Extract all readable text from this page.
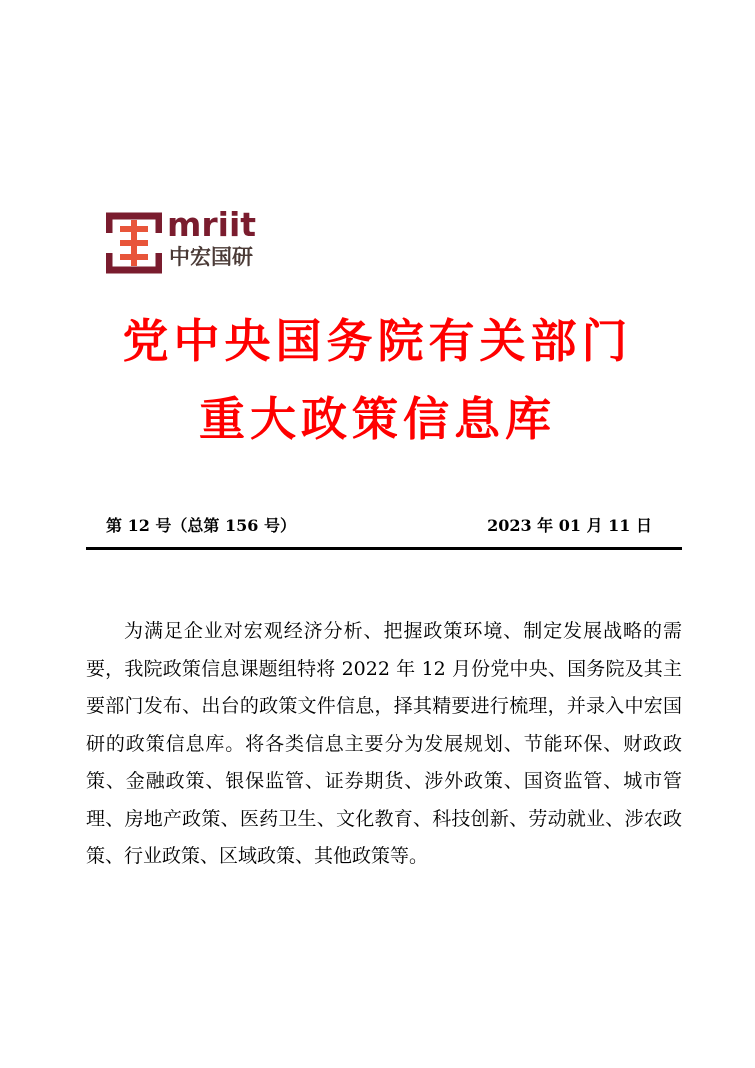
mriit
中宏国研
党中央国务院有关部门
重大政策信息库
第 12 号（总第 156 号）	2023 年 01 月 11 日

为满足企业对宏观经济分析、把握政策环境、制定发展战略的需要，我院政策信息课题组特将 2022 年 12 月份党中央、国务院及其主要部门发布、出台的政策文件信息，择其精要进行梳理，并录入中宏国研的政策信息库。将各类信息主要分为发展规划、节能环保、财政政策、金融政策、银保监管、证券期货、涉外政策、国资监管、城市管理、房地产政策、医药卫生、文化教育、科技创新、劳动就业、涉农政策、行业政策、区域政策、其他政策等。
